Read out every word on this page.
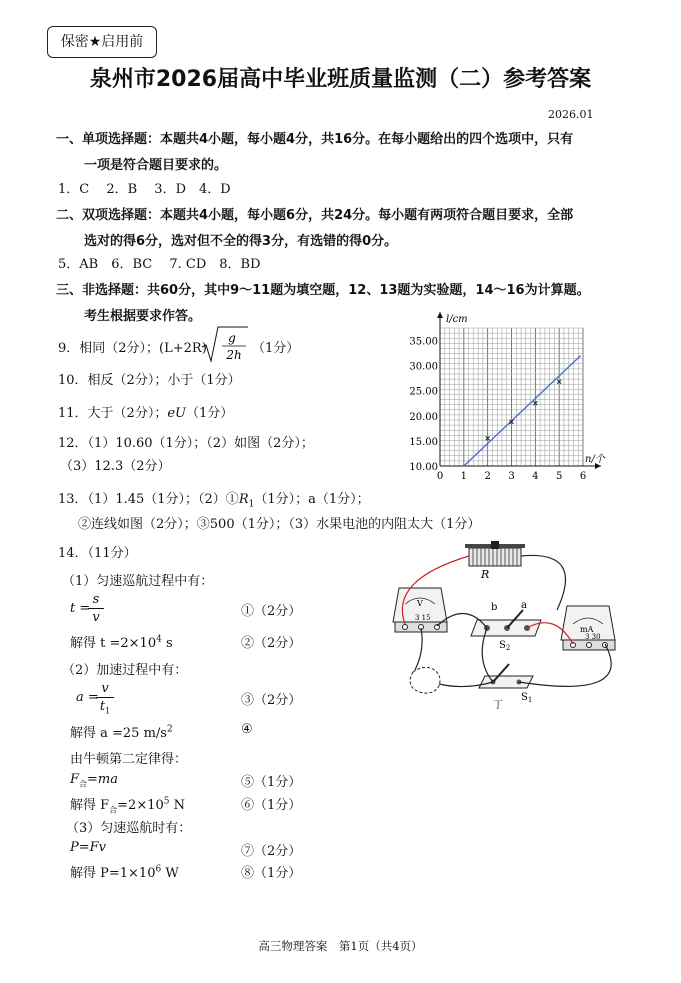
保密★启用前
泉州市2026届高中毕业班质量监测（二）参考答案
2026.01
一、单项选择题：本题共4小题，每小题4分，共16分。在每小题给出的四个选项中，只有
一项是符合题目要求的。
1．C　 2．B　 3．D　4．D
二、双项选择题：本题共4小题，每小题6分，共24分。每小题有两项符合题目要求，全部
选对的得6分，选对但不全的得3分，有选错的得0分。
5．AB　6．BC　 7. CD　8．BD
三、非选择题：共60分，其中9～11题为填空题，12、13题为实验题，14～16为计算题。
考生根据要求作答。
9．相同（2分）；(L+2R)
g
2h （1分）
10．相反（2分）；小于（1分）
11．大于（2分）；eU（1分）
12．（1）10.60（1分）；（2）如图（2分）；
（3）12.3（2分）
0 1 2 3 4 5 6
10.00
15.00
20.00
25.00
30.00
35.00
l/cm
n/个
13．（1）1.45（1分）；$(2)①R_1(1$分）；a（1分）；
②连线如图（2分）；③500（1分）；（3）水果电池的内阻太大（1分）
14．（11分）
（1）匀速巡航过程中有：
t =
s
v	①（2分）
解得 $t =2\times 10^4$ s	②（2分）
（2）加速过程中有：
a =
v
$t_1$
③（2分）
解得 a =25 $m/s^2$	④
由牛顿第二定律得：
$F_合=ma$	⑤（1分）
解得 $F_合=2\times 10^5$ N	⑥（1分）
（3）匀速巡航时有：
P=Fv	⑦（2分）
解得 $P=1\times 10^6$ W	⑧（1分）
R
V
3 15
mA
3 30
b a
$S_2$
$S_1$
丁
高三物理答案　第1页（共4页）
